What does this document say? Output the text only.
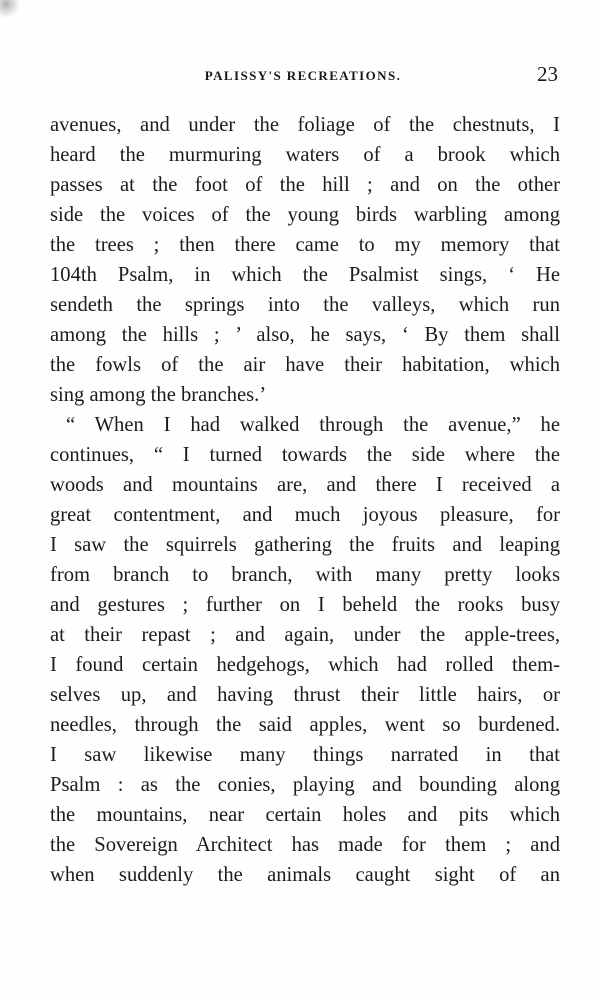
PALISSY'S RECREATIONS.	23
avenues, and under the foliage of the chestnuts, I
heard the murmuring waters of a brook which
passes at the foot of the hill ; and on the other
side the voices of the young birds warbling among
the trees ; then there came to my memory that
104th Psalm, in which the Psalmist sings, ‘ He
sendeth the springs into the valleys, which run
among the hills ; ’ also, he says, ‘ By them shall
the fowls of the air have their habitation, which
sing among the branches.’
“ When I had walked through the avenue,” he
continues, “ I turned towards the side where the
woods and mountains are, and there I received a
great contentment, and much joyous pleasure, for
I saw the squirrels gathering the fruits and leaping
from branch to branch, with many pretty looks
and gestures ; further on I beheld the rooks busy
at their repast ; and again, under the apple-trees,
I found certain hedgehogs, which had rolled them-
selves up, and having thrust their little hairs, or
needles, through the said apples, went so burdened.
I saw likewise many things narrated in that
Psalm : as the conies, playing and bounding along
the mountains, near certain holes and pits which
the Sovereign Architect has made for them ; and
when suddenly the animals caught sight of an
